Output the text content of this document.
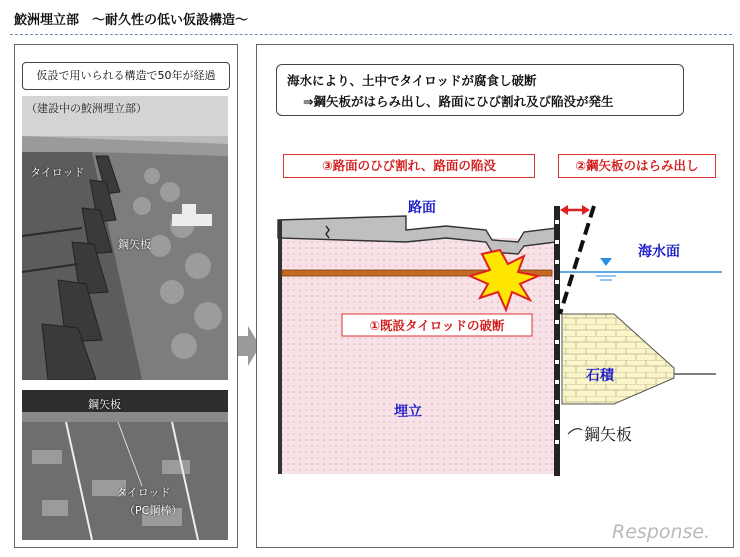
鮫洲埋立部　～耐久性の低い仮設構造～
仮設で用いられる構造で50年が経過
（建設中の鮫洲埋立部）
タイロッド
鋼矢板
鋼矢板
タイロッド
（PC鋼棒）
海水により、土中でタイロッドが腐食し破断
⇒鋼矢板がはらみ出し、路面にひび割れ及び陥没が発生
③路面のひび割れ、路面の陥没	②鋼矢板のはらみ出し
路面
海水面
石積
埋立
鋼矢板
①既設タイロッドの破断
Response.
